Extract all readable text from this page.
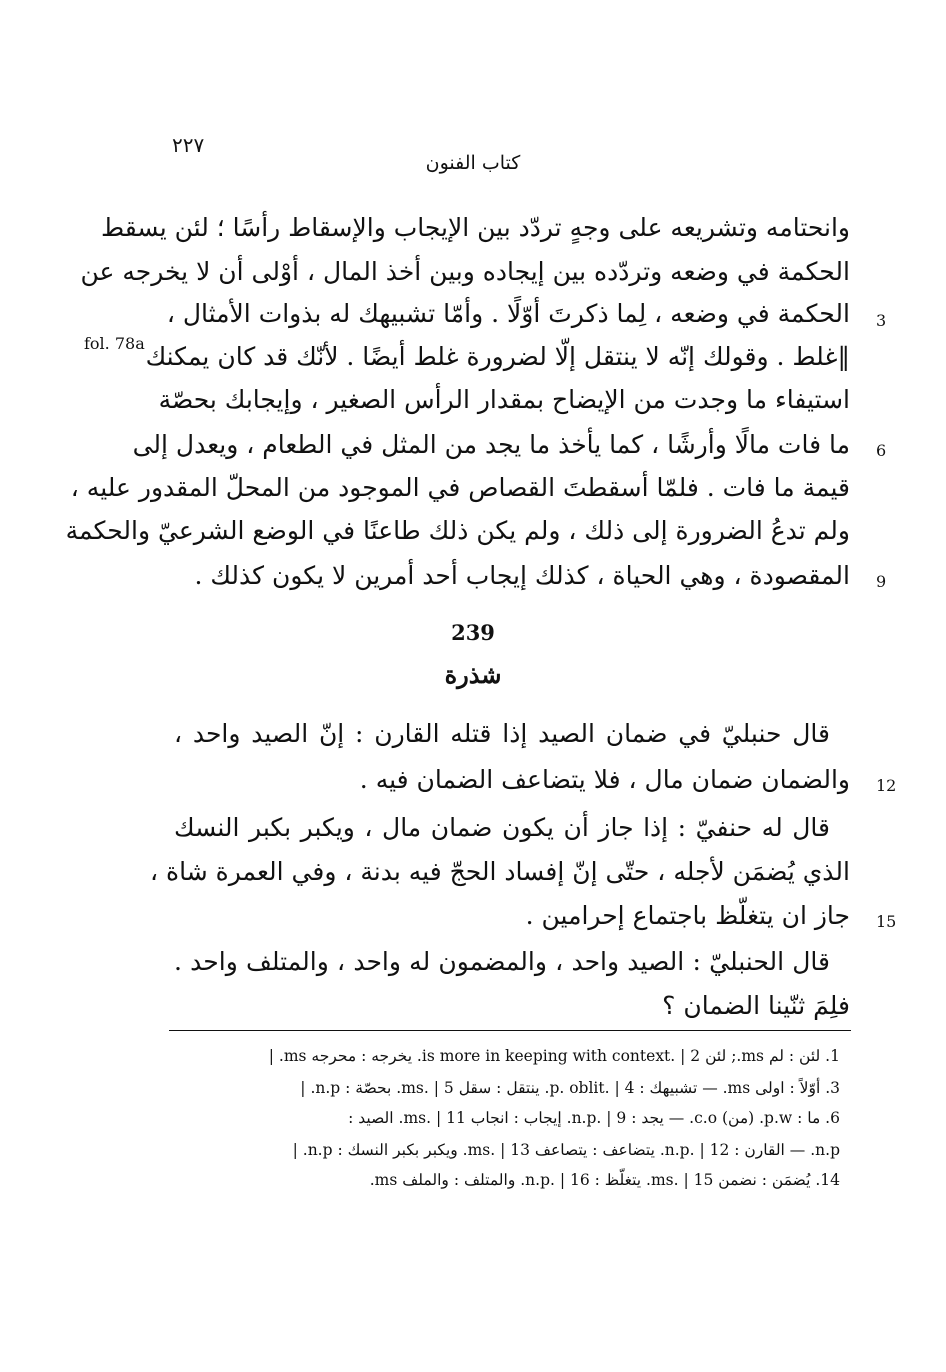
٢٢٧
كتاب الفنون
وانحتامه وتشريعه على وجهٍ تردّد بين الإيجاب والإسقاط رأسًا ؛ لئن يسقط
الحكمة في وضعه وتردّده بين إيجاده وبين أخذ المال ، أوْلى أن لا يخرجه عن
الحكمة في وضعه ، لِما ذكرتَ أوّلًا . وأمّا تشبيهك له بذوات الأمثال ،
‖غلط . وقولك إنّه لا ينتقل إلّا لضرورة غلط أيضًا . لأنّك قد كان يمكنك
استيفاء ما وجدت من الإيضاح بمقدار الرأس الصغير ، وإيجابك بحصّة
ما فات مالًا وأرشًا ، كما يأخذ ما يجد من المثل في الطعام ، ويعدل إلى
قيمة ما فات . فلمّا أسقطتَ القصاص في الموجود من المحلّ المقدور عليه ،
ولم تدعُ الضرورة إلى ذلك ، ولم يكن ذلك طاعنًا في الوضع الشرعيّ والحكمة
المقصودة ، وهي الحياة ، كذلك إيجاب أحد أمرين لا يكون كذلك .
fol. 78a
3
6
9
239
شذرة
قال حنبليّ في ضمان الصيد إذا قتله القارن : إنّ الصيد واحد ،
والضمان ضمان مال ، فلا يتضاعف الضمان فيه .
قال له حنفيّ : إذا جاز أن يكون ضمان مال ، ويكبر بكبر النسك
الذي يُضمَن لأجله ، حتّى إنّ إفساد الحجّ فيه بدنة ، وفي العمرة شاة ،
جاز ان يتغلّظ باجتماع إحرامين .
قال الحنبليّ : الصيد واحد ، والمضمون له واحد ، والمتلف واحد .
فلِمَ ثنّينا الضمان ؟
12
15
1. لئن : لم ms.; لئن is more in keeping with context. | 2. يخرجه : محرجه ms. |
3. أوّلاً : اولى ms. — تشبيهك : p. oblit. | 4. ينتقل : سقل ms. | 5. بحصّة : n.p. |
6. ما : p.w. (من) c.o. — يجد : n.p. | 9. إيجاب : انجاب ms. | 11. الصيد :
n.p. — القارن : n.p. | 12. يتضاعف : يتصاعف ms. | 13. ويكبر بكبر النسك : n.p. |
14. يُضمَن : نضمن ms. | 15. يتغلّظ : n.p. | 16. والمتلف : والملف ms.
